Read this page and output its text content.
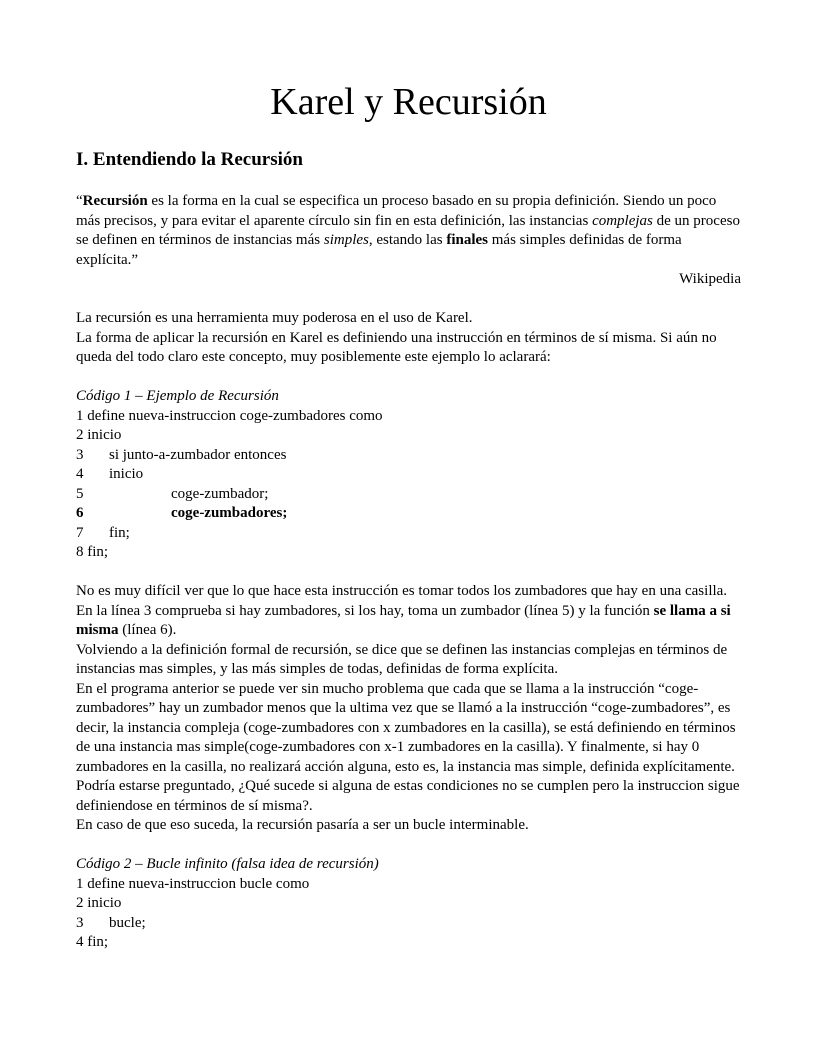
Karel y Recursión
I. Entendiendo la Recursión

“Recursión es la forma en la cual se especifica un proceso basado en su propia definición. Siendo un poco más precisos, y para evitar el aparente círculo sin fin en esta definición, las instancias complejas de un proceso se definen en términos de instancias más simples, estando las finales más simples definidas de forma explícita.”

Wikipedia

La recursión es una herramienta muy poderosa en el uso de Karel.

La forma de aplicar la recursión en Karel es definiendo una instrucción en términos de sí misma. Si aún no queda del todo claro este concepto, muy posiblemente este ejemplo lo aclarará:

Código 1 – Ejemplo de Recursión

1 define nueva-instruccion coge-zumbadores como
2 inicio
3 si junto-a-zumbador entonces
4 inicio
5	coge-zumbador;
6	coge-zumbadores;
7 fin;
8 fin;

No es muy difícil ver que lo que hace esta instrucción es tomar todos los zumbadores que hay en una casilla. En la línea 3 comprueba si hay zumbadores, si los hay, toma un zumbador (línea 5) y la función se llama a si misma (línea 6).

Volviendo a la definición formal de recursión, se dice que se definen las instancias complejas en términos de instancias mas simples, y las más simples de todas, definidas de forma explícita.

En el programa anterior se puede ver sin mucho problema que cada que se llama a la instrucción “coge-zumbadores” hay un zumbador menos que la ultima vez que se llamó a la instrucción “coge-zumbadores”, es decir, la instancia compleja (coge-zumbadores con x zumbadores en la casilla), se está definiendo en términos de una instancia mas simple(coge-zumbadores con x-1 zumbadores en la casilla). Y finalmente, si hay 0 zumbadores en la casilla, no realizará acción alguna, esto es, la instancia mas simple, definida explícitamente.

Podría estarse preguntado, ¿Qué sucede si alguna de estas condiciones no se cumplen pero la instruccion sigue definiendose en términos de sí misma?.

En caso de que eso suceda, la recursión pasaría a ser un bucle interminable.

Código 2 – Bucle infinito (falsa idea de recursión)

1 define nueva-instruccion bucle como
2 inicio
3 bucle;
4 fin;
